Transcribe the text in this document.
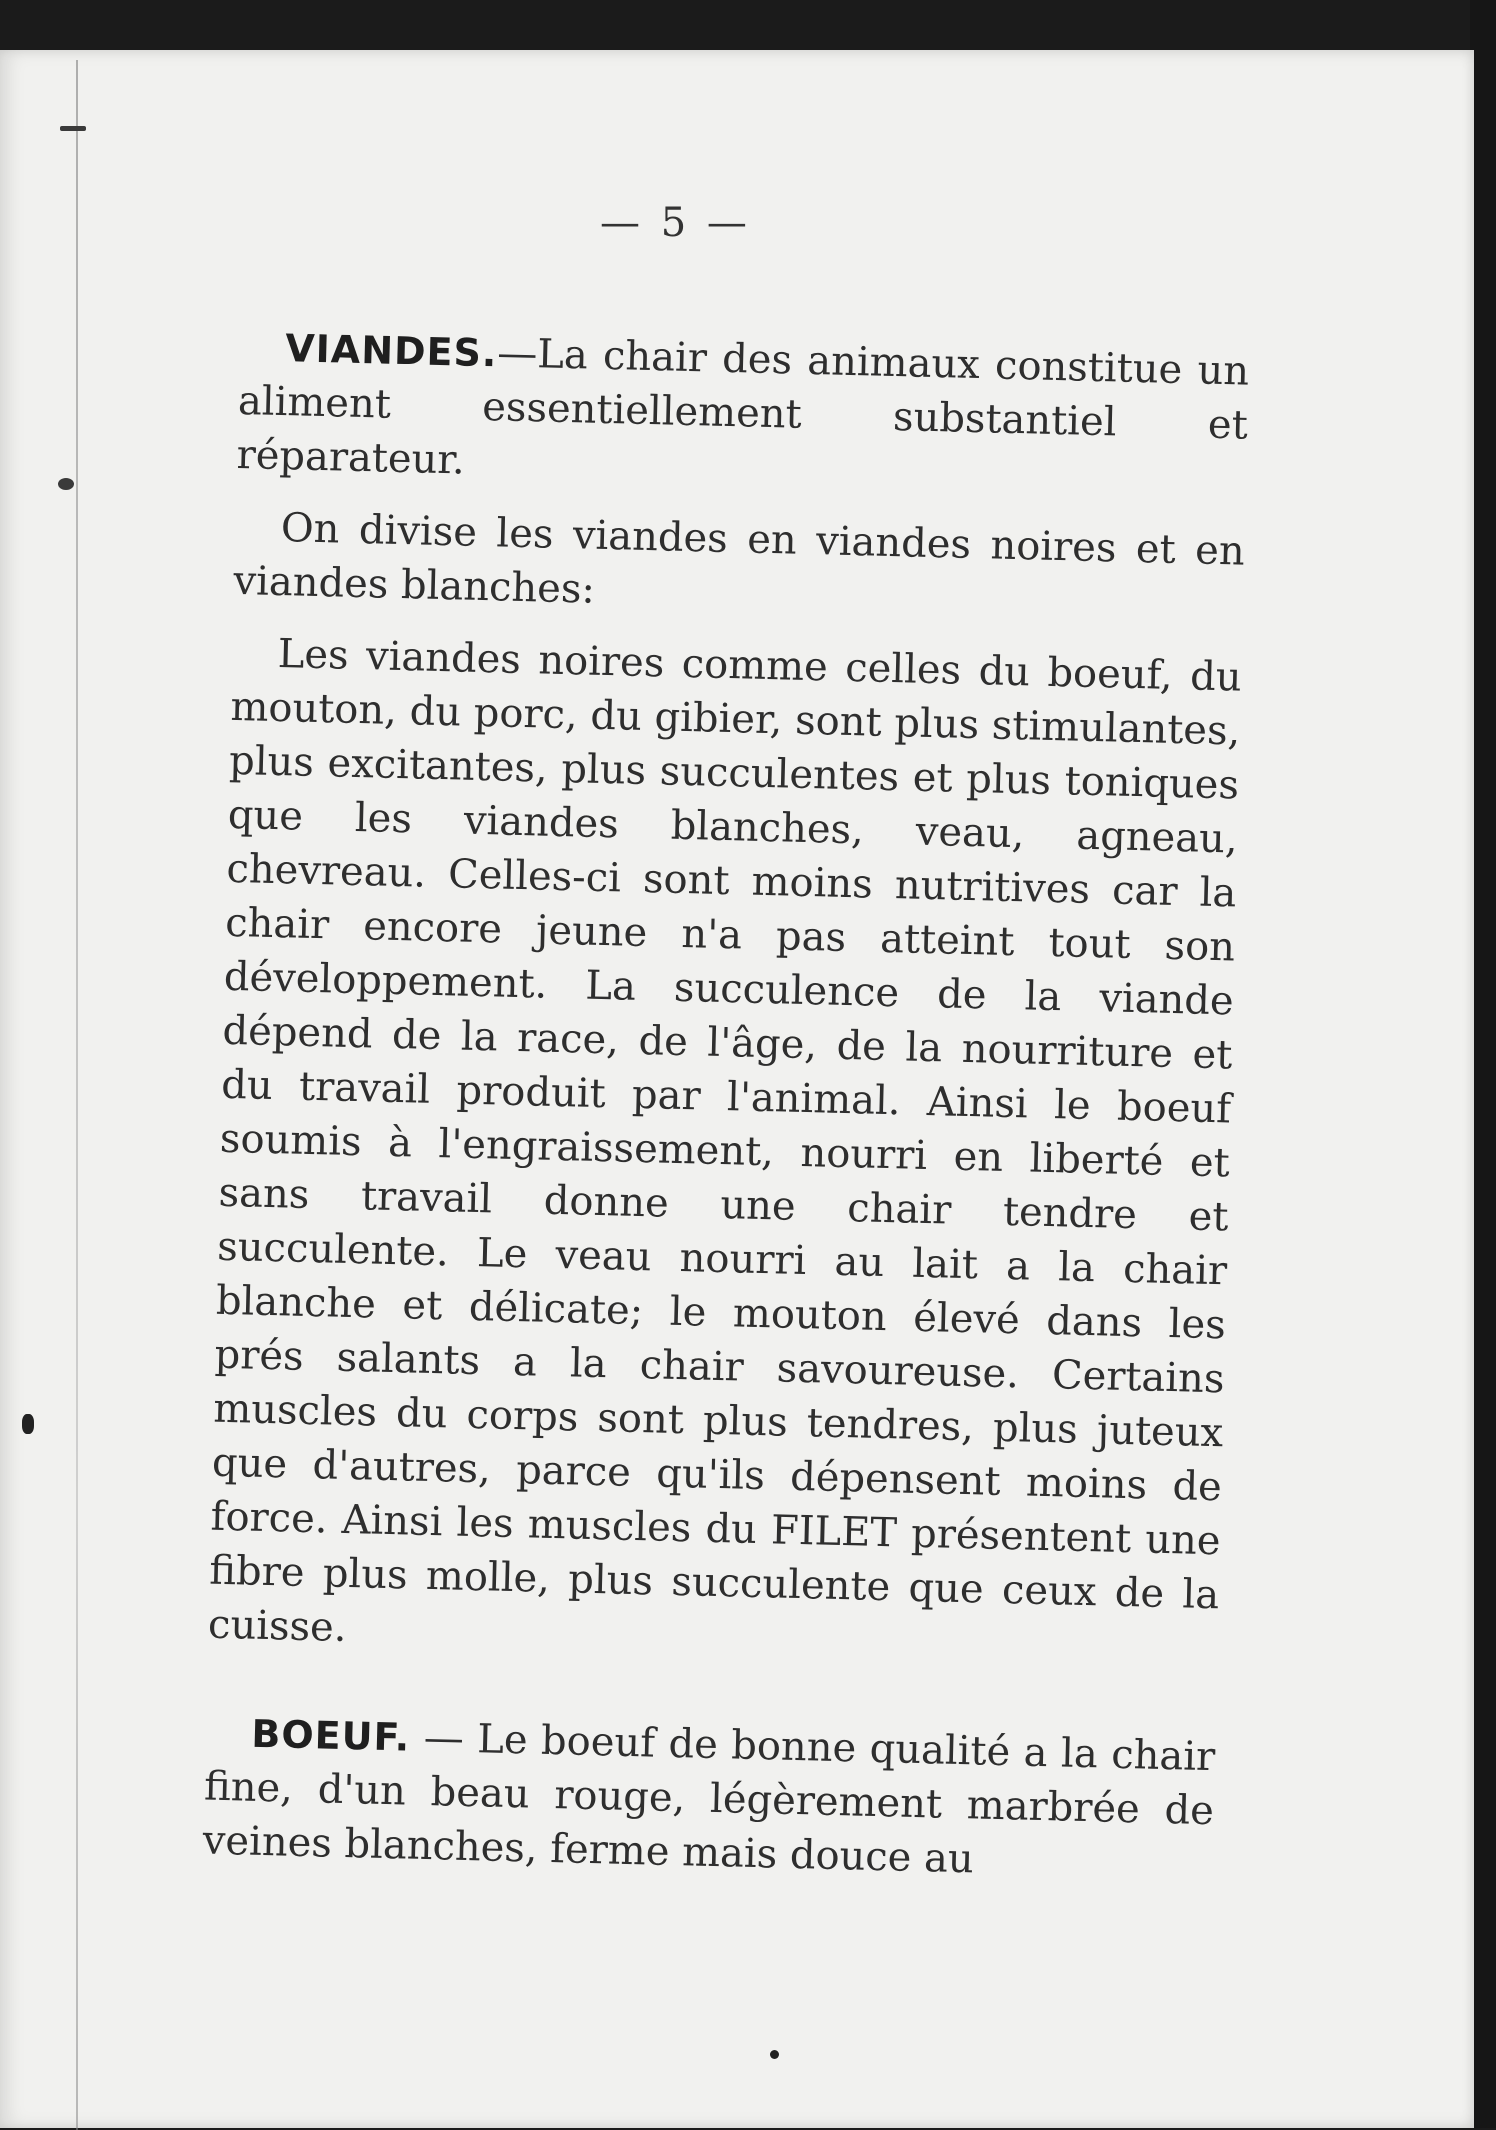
— 5 —

VIANDES.—La chair des animaux constitue un aliment essentiellement substantiel et réparateur.

On divise les viandes en viandes noires et en viandes blanches:

Les viandes noires comme celles du boeuf, du mouton, du porc, du gibier, sont plus stimulantes, plus excitantes, plus succulentes et plus toniques que les viandes blanches, veau, agneau, chevreau. Celles-ci sont moins nutritives car la chair encore jeune n'a pas atteint tout son développement. La succulence de la viande dépend de la race, de l'âge, de la nourriture et du travail produit par l'animal. Ainsi le boeuf soumis à l'engraissement, nourri en liberté et sans travail donne une chair tendre et succulente. Le veau nourri au lait a la chair blanche et délicate; le mouton élevé dans les prés salants a la chair savoureuse. Certains muscles du corps sont plus tendres, plus juteux que d'autres, parce qu'ils dépensent moins de force. Ainsi les muscles du FILET présentent une fibre plus molle, plus succulente que ceux de la cuisse.

BOEUF. — Le boeuf de bonne qualité a la chair fine, d'un beau rouge, légèrement marbrée de veines blanches, ferme mais douce au
